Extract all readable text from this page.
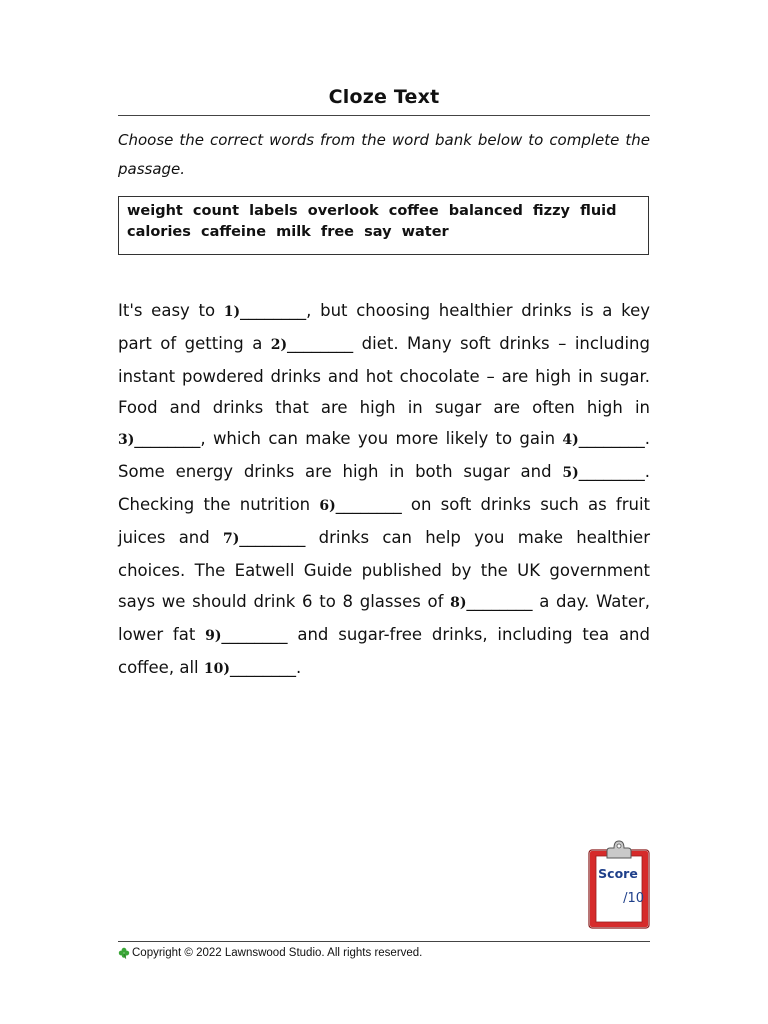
Cloze Text
Choose the correct words from the word bank below to complete the passage.
weight count labels overlook coffee balanced fizzy fluid calories caffeine milk free say water
It's easy to 1)________, but choosing healthier drinks is a key part of getting a 2)________ diet. Many soft drinks – including instant powdered drinks and hot chocolate – are high in sugar. Food and drinks that are high in sugar are often high in 3)________, which can make you more likely to gain 4)________. Some energy drinks are high in both sugar and 5)________. Checking the nutrition 6)________ on soft drinks such as fruit juices and 7)________ drinks can help you make healthier choices. The Eatwell Guide published by the UK government says we should drink 6 to 8 glasses of 8)________ a day. Water, lower fat 9)________ and sugar-free drinks, including tea and coffee, all 10)________.
Score
/10
Copyright © 2022 Lawnswood Studio. All rights reserved.
